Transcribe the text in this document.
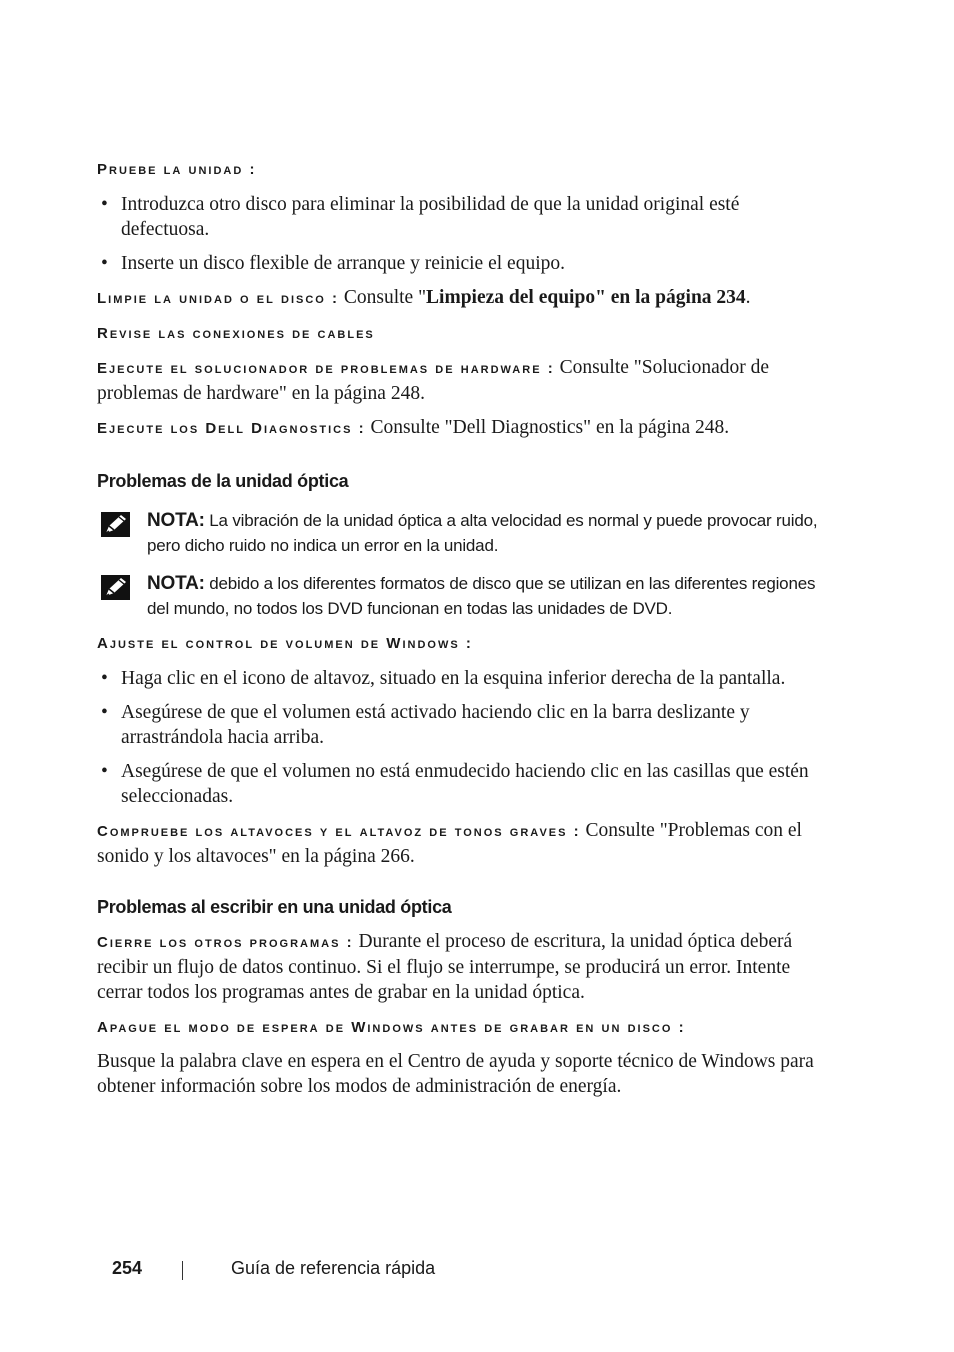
Pruebe la unidad :

• Introduzca otro disco para eliminar la posibilidad de que la unidad original esté defectuosa.
• Inserte un disco flexible de arranque y reinicie el equipo.

Limpie la unidad o el disco : Consulte "Limpieza del equipo" en la página 234.

Revise las conexiones de cables

Ejecute el solucionador de problemas de hardware : Consulte "Solucionador de problemas de hardware" en la página 248.

Ejecute los Dell Diagnostics : Consulte "Dell Diagnostics" en la página 248.

Problemas de la unidad óptica
NOTA: La vibración de la unidad óptica a alta velocidad es normal y puede provocar ruido, pero dicho ruido no indica un error en la unidad.
NOTA: debido a los diferentes formatos de disco que se utilizan en las diferentes regiones del mundo, no todos los DVD funcionan en todas las unidades de DVD.

Ajuste el control de volumen de Windows :

• Haga clic en el icono de altavoz, situado en la esquina inferior derecha de la pantalla.
• Asegúrese de que el volumen está activado haciendo clic en la barra deslizante y arrastrándola hacia arriba.
• Asegúrese de que el volumen no está enmudecido haciendo clic en las casillas que estén seleccionadas.

Compruebe los altavoces y el altavoz de tonos graves : Consulte "Problemas con el sonido y los altavoces" en la página 266.

Problemas al escribir en una unidad óptica

Cierre los otros programas : Durante el proceso de escritura, la unidad óptica deberá recibir un flujo de datos continuo. Si el flujo se interrumpe, se producirá un error. Intente cerrar todos los programas antes de grabar en la unidad óptica.

Apague el modo de espera de Windows antes de grabar en un disco :

Busque la palabra clave en espera en el Centro de ayuda y soporte técnico de Windows para obtener información sobre los modos de administración de energía.

254	Guía de referencia rápida
